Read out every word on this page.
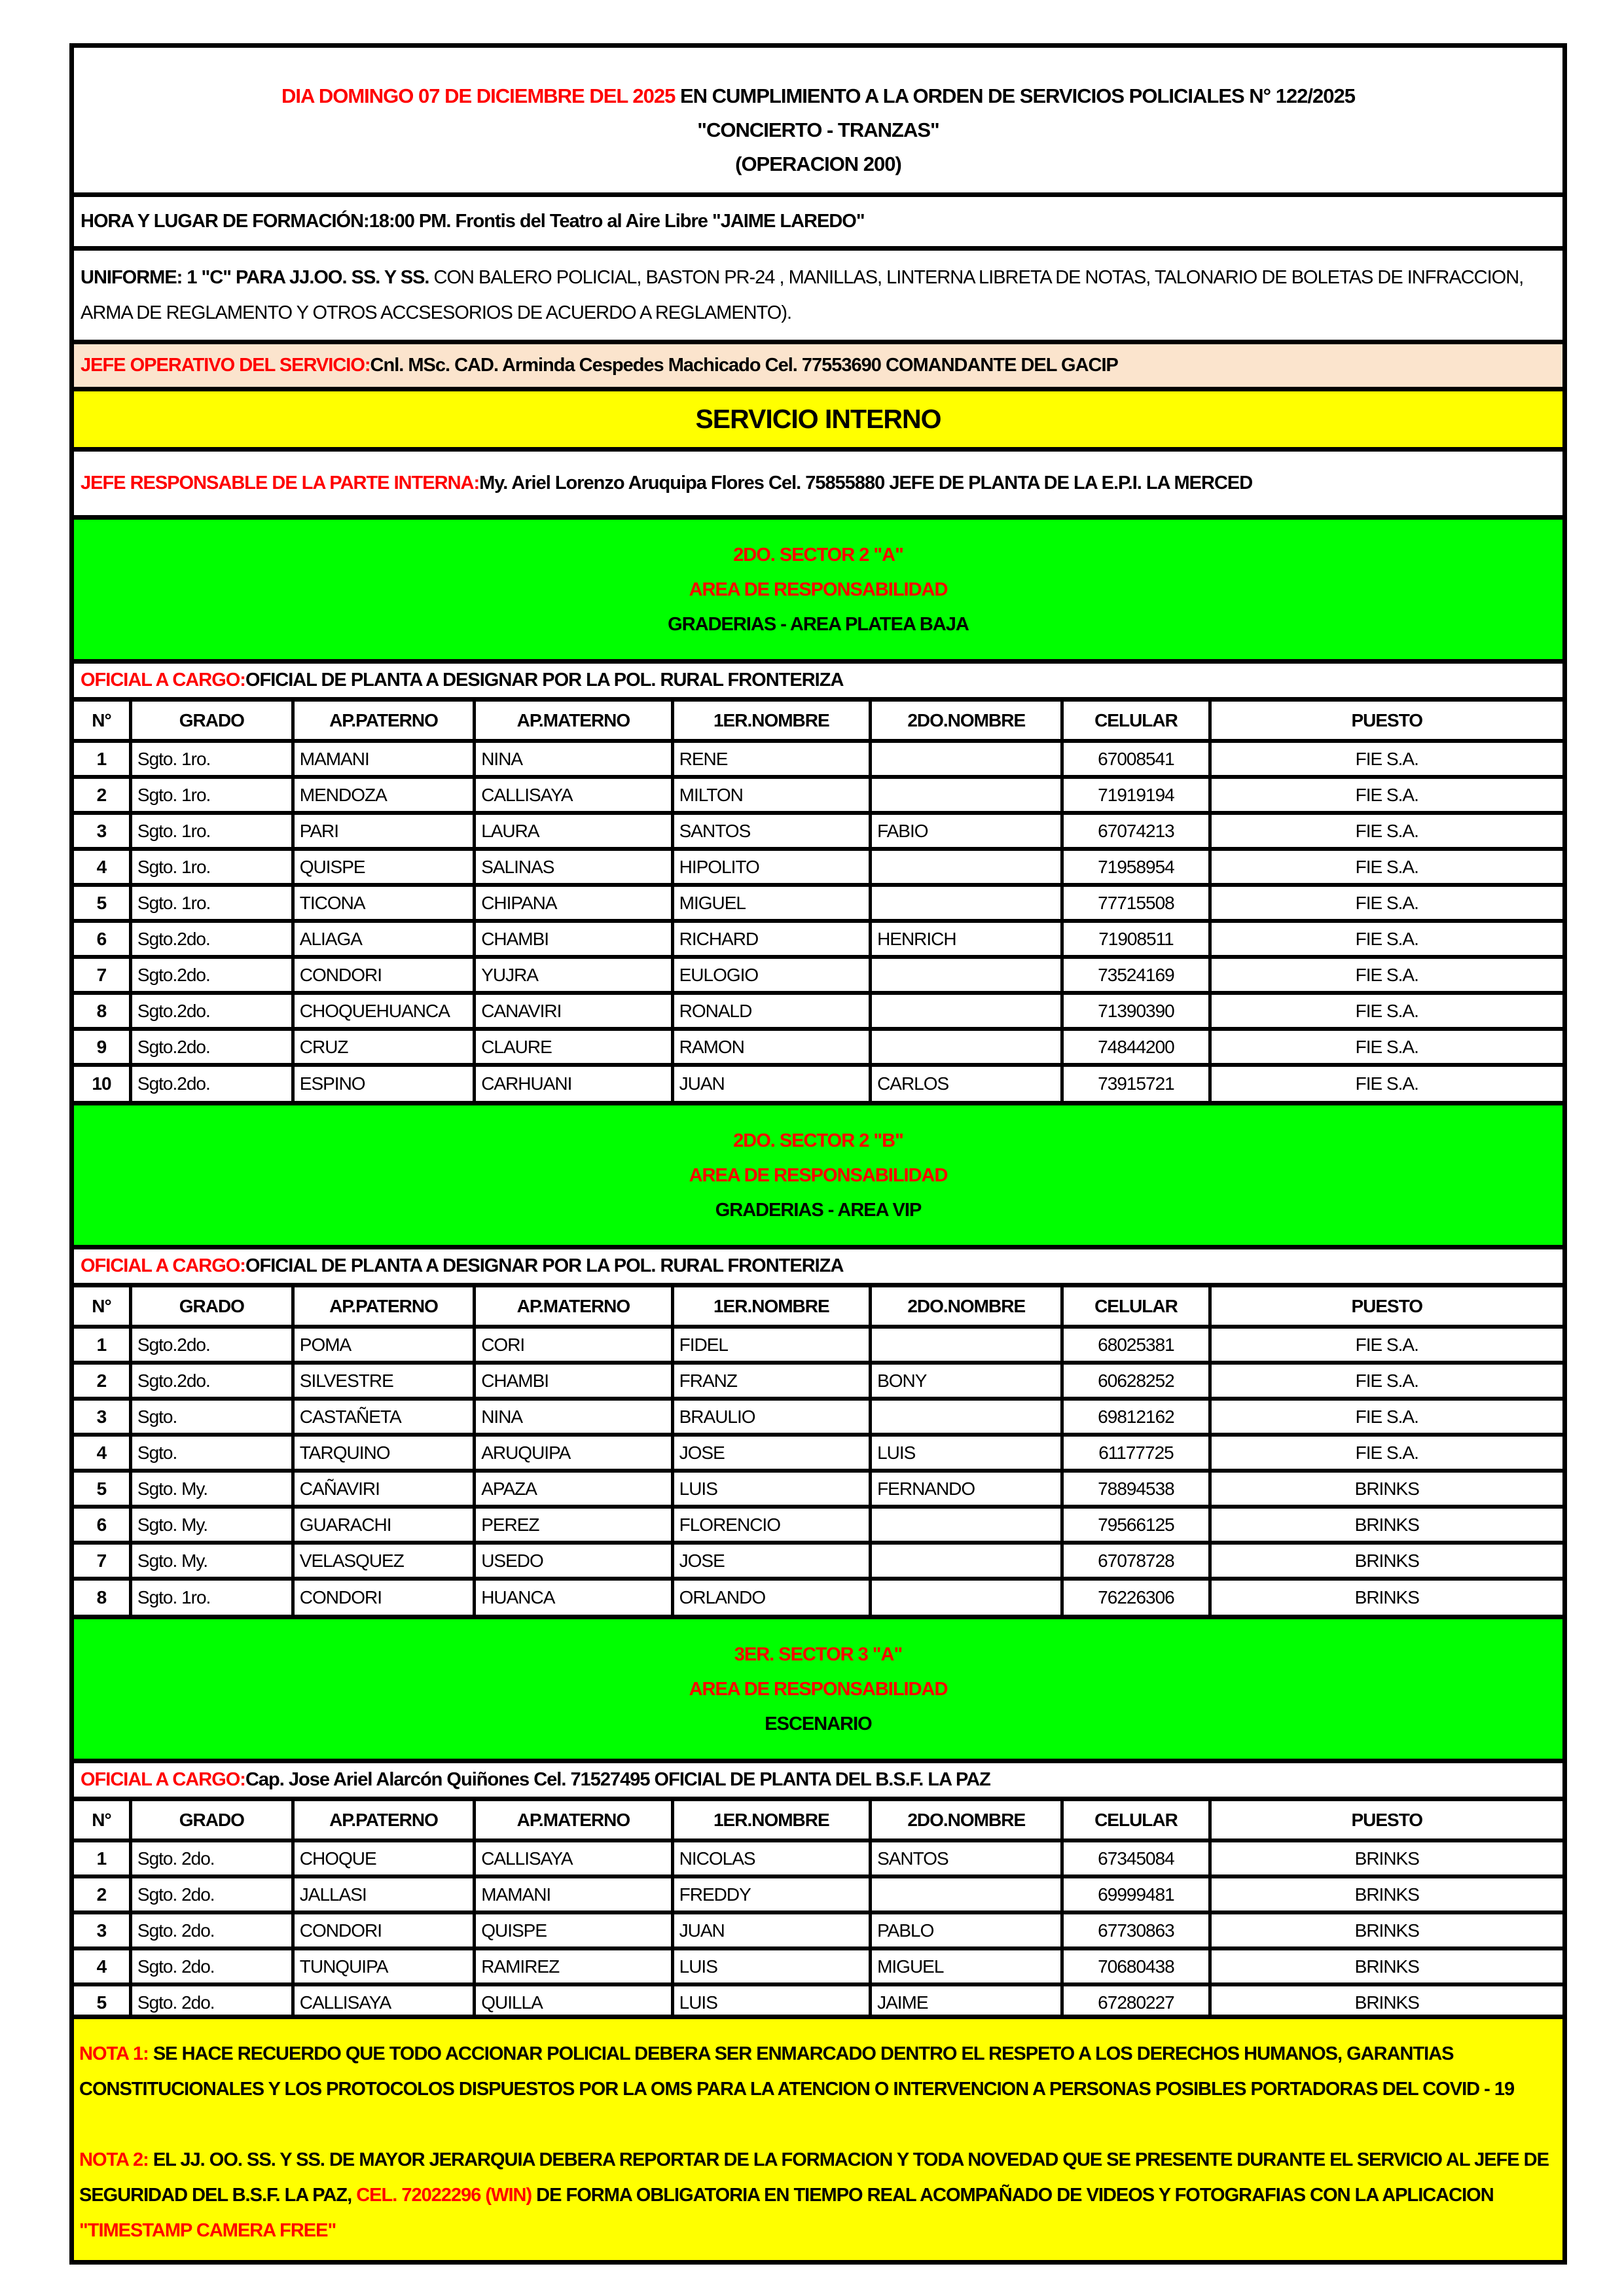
DIA DOMINGO 07 DE DICIEMBRE DEL 2025 EN CUMPLIMIENTO A LA ORDEN DE SERVICIOS POLICIALES N° 122/2025
"CONCIERTO - TRANZAS"
(OPERACION 200)
HORA Y LUGAR DE FORMACIÓN: 18:00 PM. Frontis del Teatro al Aire Libre "JAIME LAREDO"
UNIFORME: 1 "C" PARA JJ.OO. SS. Y SS. CON BALERO POLICIAL, BASTON PR-24 , MANILLAS, LINTERNA LIBRETA DE NOTAS, TALONARIO DE BOLETAS DE INFRACCION, ARMA DE REGLAMENTO Y OTROS ACCSESORIOS DE ACUERDO A REGLAMENTO).
JEFE OPERATIVO DEL SERVICIO: Cnl. MSc. CAD. Arminda Cespedes Machicado Cel. 77553690 COMANDANTE DEL GACIP
SERVICIO INTERNO
JEFE RESPONSABLE DE LA PARTE INTERNA: My. Ariel Lorenzo Aruquipa Flores Cel. 75855880 JEFE DE PLANTA DE LA E.P.I. LA MERCED
2DO. SECTOR 2 "A"
AREA DE RESPONSABILIDAD
GRADERIAS - AREA PLATEA BAJA
OFICIAL A CARGO: OFICIAL DE PLANTA A DESIGNAR POR LA POL. RURAL FRONTERIZA
N°	GRADO	AP.PATERNO	AP.MATERNO	1ER.NOMBRE	2DO.NOMBRE	CELULAR	PUESTO
1	Sgto. 1ro.	MAMANI	NINA	RENE		67008541	FIE S.A.
2	Sgto. 1ro.	MENDOZA	CALLISAYA	MILTON		71919194	FIE S.A.
3	Sgto. 1ro.	PARI	LAURA	SANTOS	FABIO	67074213	FIE S.A.
4	Sgto. 1ro.	QUISPE	SALINAS	HIPOLITO		71958954	FIE S.A.
5	Sgto. 1ro.	TICONA	CHIPANA	MIGUEL		77715508	FIE S.A.
6	Sgto.2do.	ALIAGA	CHAMBI	RICHARD	HENRICH	71908511	FIE S.A.
7	Sgto.2do.	CONDORI	YUJRA	EULOGIO		73524169	FIE S.A.
8	Sgto.2do.	CHOQUEHUANCA	CANAVIRI	RONALD		71390390	FIE S.A.
9	Sgto.2do.	CRUZ	CLAURE	RAMON		74844200	FIE S.A.
10	Sgto.2do.	ESPINO	CARHUANI	JUAN	CARLOS	73915721	FIE S.A.
2DO. SECTOR 2 "B"
AREA DE RESPONSABILIDAD
GRADERIAS - AREA VIP
OFICIAL A CARGO: OFICIAL DE PLANTA A DESIGNAR POR LA POL. RURAL FRONTERIZA
N°	GRADO	AP.PATERNO	AP.MATERNO	1ER.NOMBRE	2DO.NOMBRE	CELULAR	PUESTO
1	Sgto.2do.	POMA	CORI	FIDEL		68025381	FIE S.A.
2	Sgto.2do.	SILVESTRE	CHAMBI	FRANZ	BONY	60628252	FIE S.A.
3	Sgto.	CASTAÑETA	NINA	BRAULIO		69812162	FIE S.A.
4	Sgto.	TARQUINO	ARUQUIPA	JOSE	LUIS	61177725	FIE S.A.
5	Sgto. My.	CAÑAVIRI	APAZA	LUIS	FERNANDO	78894538	BRINKS
6	Sgto. My.	GUARACHI	PEREZ	FLORENCIO		79566125	BRINKS
7	Sgto. My.	VELASQUEZ	USEDO	JOSE		67078728	BRINKS
8	Sgto. 1ro.	CONDORI	HUANCA	ORLANDO		76226306	BRINKS
3ER. SECTOR 3 "A"
AREA DE RESPONSABILIDAD
ESCENARIO
OFICIAL A CARGO: Cap. Jose Ariel Alarcón Quiñones Cel. 71527495 OFICIAL DE PLANTA DEL B.S.F. LA PAZ
N°	GRADO	AP.PATERNO	AP.MATERNO	1ER.NOMBRE	2DO.NOMBRE	CELULAR	PUESTO
1	Sgto. 2do.	CHOQUE	CALLISAYA	NICOLAS	SANTOS	67345084	BRINKS
2	Sgto. 2do.	JALLASI	MAMANI	FREDDY		69999481	BRINKS
3	Sgto. 2do.	CONDORI	QUISPE	JUAN	PABLO	67730863	BRINKS
4	Sgto. 2do.	TUNQUIPA	RAMIREZ	LUIS	MIGUEL	70680438	BRINKS
5	Sgto. 2do.	CALLISAYA	QUILLA	LUIS	JAIME	67280227	BRINKS

NOTA 1: SE HACE RECUERDO QUE TODO ACCIONAR POLICIAL DEBERA SER ENMARCADO DENTRO EL RESPETO A LOS DERECHOS HUMANOS, GARANTIAS CONSTITUCIONALES Y LOS PROTOCOLOS DISPUESTOS POR LA OMS PARA LA ATENCION O INTERVENCION A PERSONAS POSIBLES PORTADORAS DEL COVID - 19

NOTA 2: EL JJ. OO. SS. Y SS. DE MAYOR JERARQUIA DEBERA REPORTAR DE LA FORMACION Y TODA NOVEDAD QUE SE PRESENTE DURANTE EL SERVICIO AL JEFE DE SEGURIDAD DEL B.S.F. LA PAZ, CEL. 72022296 (WIN) DE FORMA OBLIGATORIA EN TIEMPO REAL ACOMPAÑADO DE VIDEOS Y FOTOGRAFIAS CON LA APLICACION "TIMESTAMP CAMERA FREE"
